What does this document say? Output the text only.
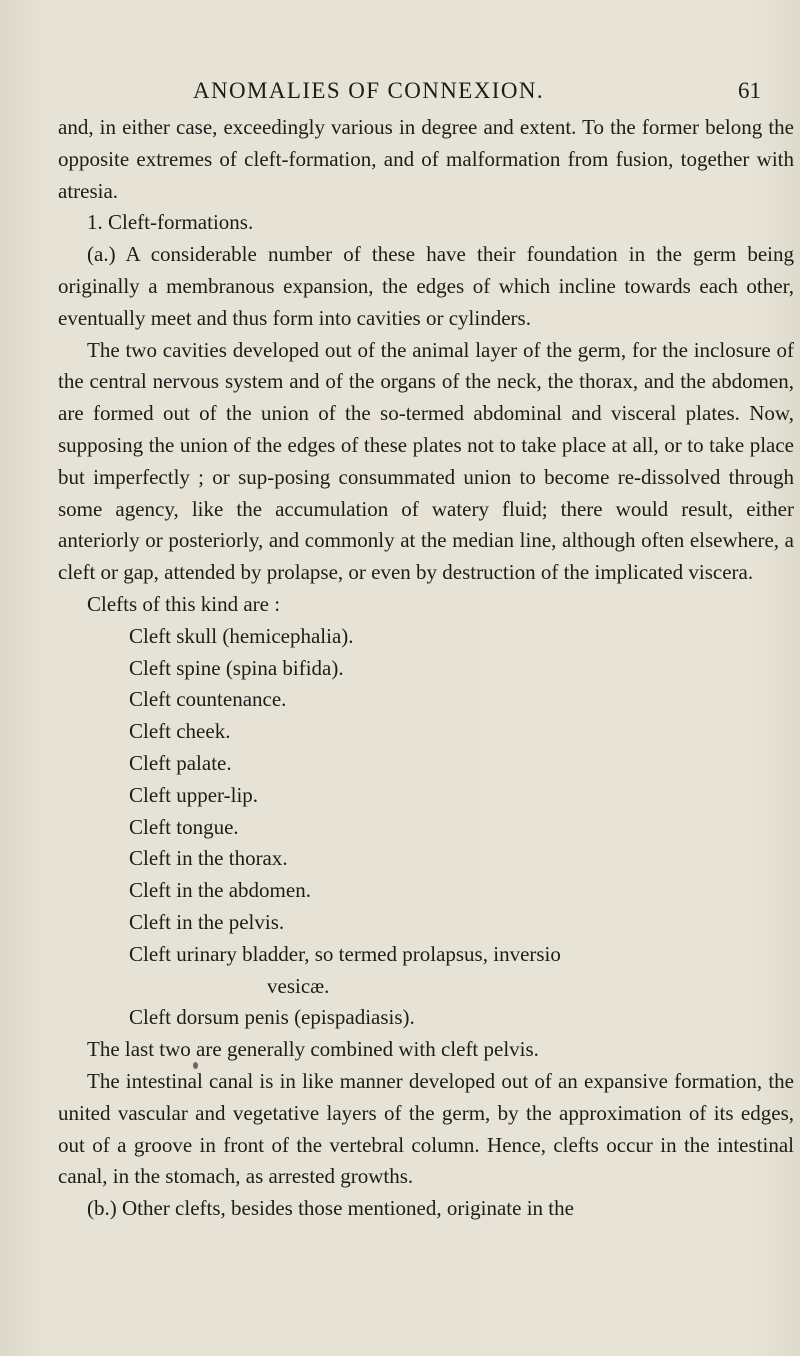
ANOMALIES OF CONNEXION.	61

and, in either case, exceedingly various in degree and extent. To the former belong the opposite extremes of cleft-formation, and of malformation from fusion, together with atresia.

1. Cleft-formations.

(a.) A considerable number of these have their foundation in the germ being originally a membranous expansion, the edges of which incline towards each other, eventually meet and thus form into cavities or cylinders.

The two cavities developed out of the animal layer of the germ, for the inclosure of the central nervous system and of the organs of the neck, the thorax, and the abdomen, are formed out of the union of the so-termed abdominal and visceral plates. Now, supposing the union of the edges of these plates not to take place at all, or to take place but imperfectly ; or sup-posing consummated union to become re-dissolved through some agency, like the accumulation of watery fluid; there would result, either anteriorly or posteriorly, and commonly at the median line, although often elsewhere, a cleft or gap, attended by prolapse, or even by destruction of the implicated viscera.

Clefts of this kind are :

Cleft skull (hemicephalia).
Cleft spine (spina bifida).
Cleft countenance.
Cleft cheek.
Cleft palate.
Cleft upper-lip.
Cleft tongue.
Cleft in the thorax.
Cleft in the abdomen.
Cleft in the pelvis.
Cleft urinary bladder, so termed prolapsus, inversio
vesicæ.
Cleft dorsum penis (epispadiasis).

The last two are generally combined with cleft pelvis.

The intestinal canal is in like manner developed out of an expansive formation, the united vascular and vegetative layers of the germ, by the approximation of its edges, out of a groove in front of the vertebral column. Hence, clefts occur in the intestinal canal, in the stomach, as arrested growths.

(b.) Other clefts, besides those mentioned, originate in the
